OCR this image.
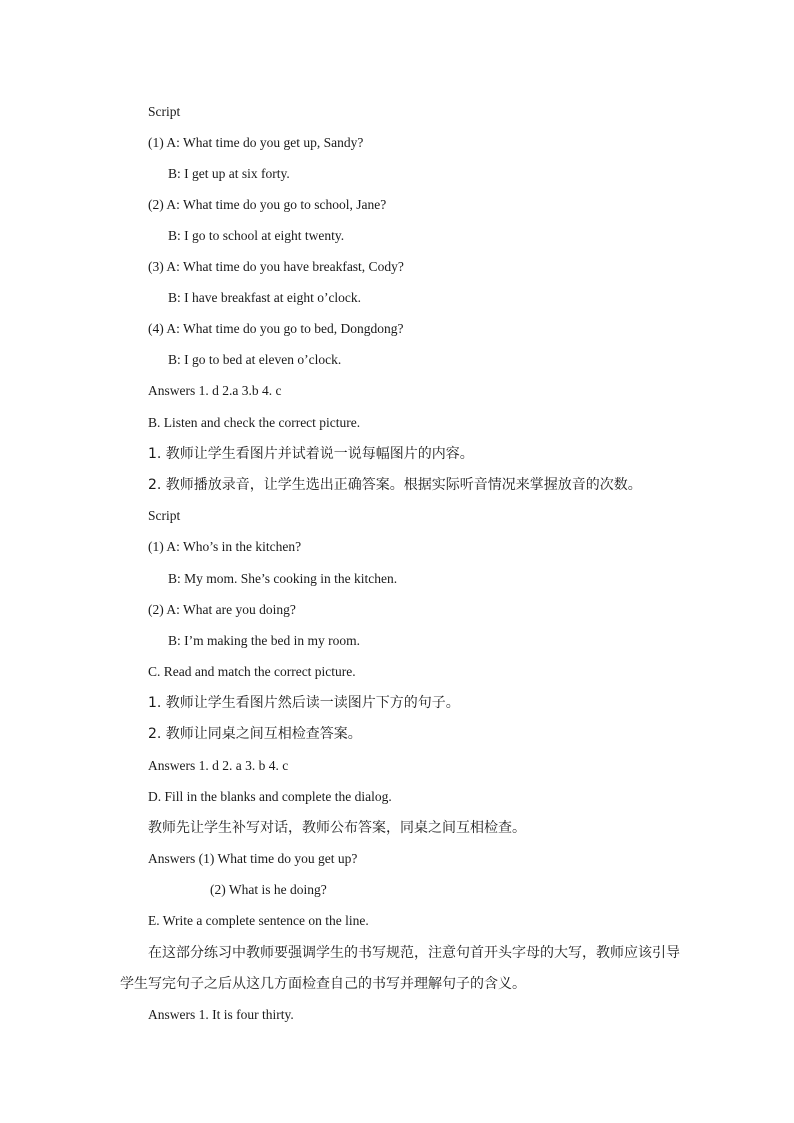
Script
(1) A: What time do you get up, Sandy?
B: I get up at six forty.
(2) A: What time do you go to school, Jane?
B: I go to school at eight twenty.
(3) A: What time do you have breakfast, Cody?
B: I have breakfast at eight o’clock.
(4) A: What time do you go to bed, Dongdong?
B: I go to bed at eleven o’clock.
Answers 1. d 2.a 3.b 4. c
B. Listen and check the correct picture.
1. 教师让学生看图片并试着说一说每幅图片的内容。
2. 教师播放录音，让学生选出正确答案。根据实际听音情况来掌握放音的次数。
Script
(1) A: Who’s in the kitchen?
B: My mom. She’s cooking in the kitchen.
(2) A: What are you doing?
B: I’m making the bed in my room.
C. Read and match the correct picture.
1. 教师让学生看图片然后读一读图片下方的句子。
2. 教师让同桌之间互相检查答案。
Answers 1. d 2. a 3. b 4. c
D. Fill in the blanks and complete the dialog.
教师先让学生补写对话，教师公布答案，同桌之间互相检查。
Answers (1) What time do you get up?
(2) What is he doing?
E. Write a complete sentence on the line.
在这部分练习中教师要强调学生的书写规范，注意句首开头字母的大写，教师应该引导学生写完句子之后从这几方面检查自己的书写并理解句子的含义。
Answers 1. It is four thirty.
